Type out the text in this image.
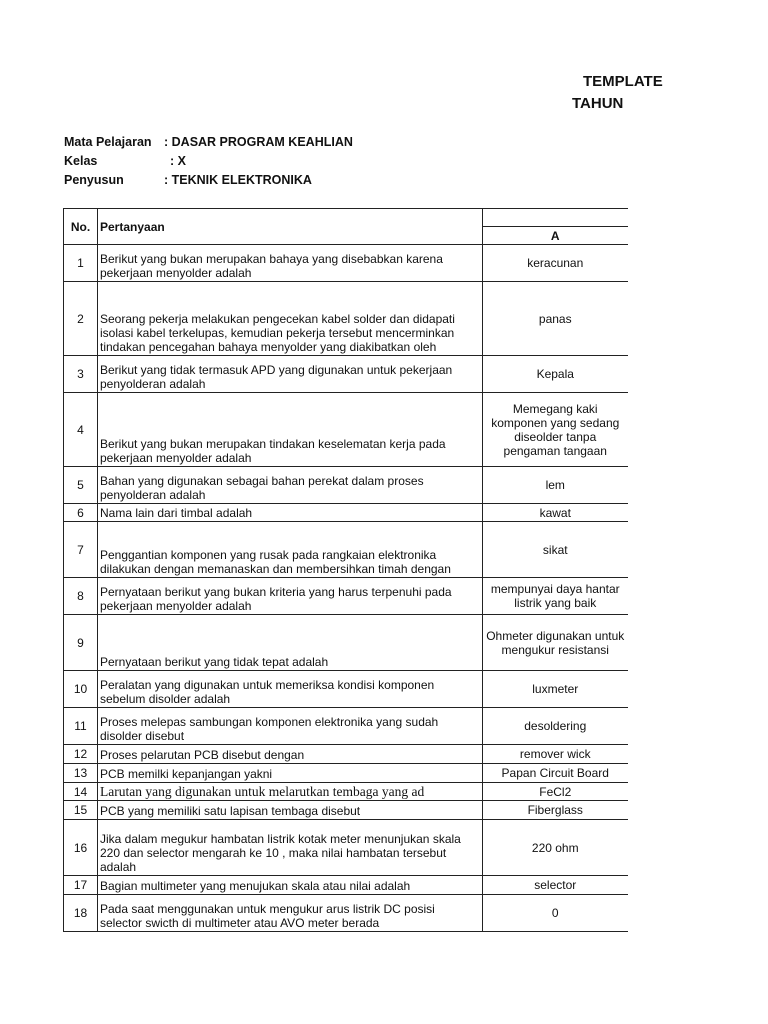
TEMPLATE
TAHUN
Mata Pelajaran : DASAR PROGRAM KEAHLIAN
Kelas	: X
Penyusun	: TEKNIK ELEKTRONIKA
No.	Pertanyaan	
		A
1	Berikut yang bukan merupakan bahaya yang disebabkan karena pekerjaan menyolder adalah	keracunan
2	Seorang pekerja melakukan pengecekan kabel solder dan didapati isolasi kabel terkelupas, kemudian pekerja tersebut mencerminkan tindakan pencegahan bahaya menyolder yang diakibatkan oleh	panas
3	Berikut yang tidak termasuk APD yang digunakan untuk pekerjaan penyolderan adalah	Kepala
4	Berikut yang bukan merupakan tindakan keselematan kerja pada pekerjaan menyolder adalah	Memegang kaki komponen yang sedang diseolder tanpa pengaman tangaan
5	Bahan yang digunakan sebagai bahan perekat dalam proses penyolderan adalah	lem
6	Nama lain dari timbal adalah	kawat
7	Penggantian komponen yang rusak pada rangkaian elektronika dilakukan dengan memanaskan dan membersihkan timah dengan	sikat
8	Pernyataan berikut yang bukan kriteria yang harus terpenuhi pada pekerjaan menyolder adalah	mempunyai daya hantar listrik yang baik
9	Pernyataan berikut yang tidak tepat adalah	Ohmeter digunakan untuk mengukur resistansi
10	Peralatan yang digunakan untuk memeriksa kondisi komponen sebelum disolder adalah	luxmeter
11	Proses melepas sambungan komponen elektronika yang sudah disolder disebut	desoldering
12	Proses pelarutan PCB disebut dengan	remover wick
13	PCB memilki kepanjangan yakni	Papan Circuit Board
14	Larutan yang digunakan untuk melarutkan tembaga yang ad	FeCl2
15	PCB yang memiliki satu lapisan tembaga disebut	Fiberglass
16	Jika dalam megukur hambatan listrik kotak meter menunjukan skala 220 dan selector mengarah ke 10 , maka nilai hambatan tersebut adalah	220 ohm
17	Bagian multimeter yang menujukan skala atau nilai adalah	selector
18	Pada saat menggunakan untuk mengukur arus listrik DC posisi selector swicth di multimeter atau AVO meter berada	0
